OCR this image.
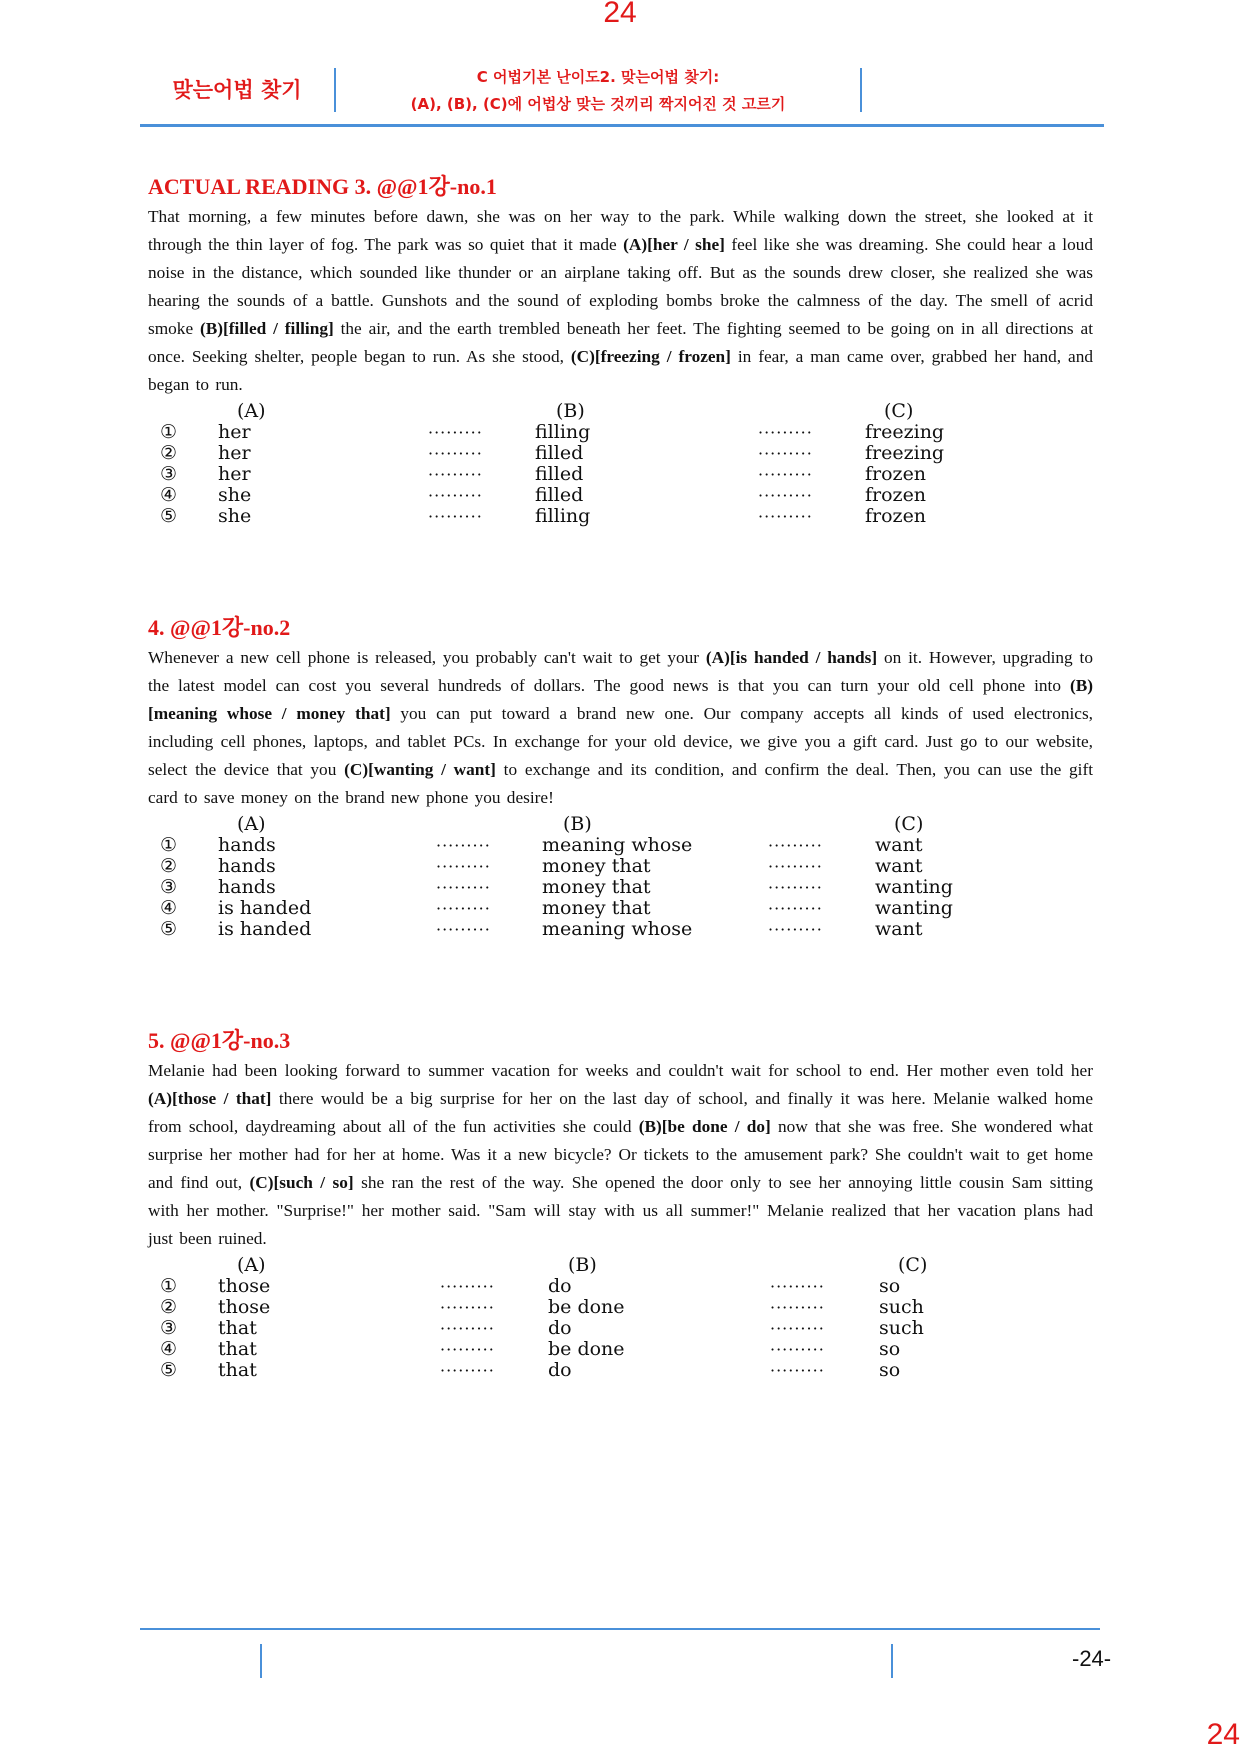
24
맞는어법 찾기
C 어법기본 난이도2. 맞는어법 찾기:
(A), (B), (C)에 어법상 맞는 것끼리 짝지어진 것 고르기
ACTUAL READING 3. @@1강-no.1

That morning, a few minutes before dawn, she was on her way to the park. While walking down the street, she looked at it through the thin layer of fog. The park was so quiet that it made (A)[her / she] feel like she was dreaming. She could hear a loud noise in the distance, which sounded like thunder or an airplane taking off. But as the sounds drew closer, she realized she was hearing the sounds of a battle. Gunshots and the sound of exploding bombs broke the calmness of the day. The smell of acrid smoke (B)[filled / filling] the air, and the earth trembled beneath her feet. The fighting seemed to be going on in all directions at once. Seeking shelter, people began to run. As she stood, (C)[freezing / frozen] in fear, a man came over, grabbed her hand, and began to run.

(A)	(B)	(C)
① her	·········	filling	·········	freezing
② her	·········	filled	·········	freezing
③ her	·········	filled	·········	frozen
④ she	·········	filled	·········	frozen
⑤ she	·········	filling	·········	frozen
4. @@1강-no.2

Whenever a new cell phone is released, you probably can't wait to get your (A)[is handed / hands] on it. However, upgrading to the latest model can cost you several hundreds of dollars. The good news is that you can turn your old cell phone into (B)[meaning whose / money that] you can put toward a brand new one. Our company accepts all kinds of used electronics, including cell phones, laptops, and tablet PCs. In exchange for your old device, we give you a gift card. Just go to our website, select the device that you (C)[wanting / want] to exchange and its condition, and confirm the deal. Then, you can use the gift card to save money on the brand new phone you desire!

(A)	(B)	(C)
① hands	·········	meaning whose	·········	want
② hands	·········	money that	·········	want
③ hands	·········	money that	·········	wanting
④ is handed	·········	money that	·········	wanting
⑤ is handed	·········	meaning whose	·········	want
5. @@1강-no.3

Melanie had been looking forward to summer vacation for weeks and couldn't wait for school to end. Her mother even told her (A)[those / that] there would be a big surprise for her on the last day of school, and finally it was here. Melanie walked home from school, daydreaming about all of the fun activities she could (B)[be done / do] now that she was free. She wondered what surprise her mother had for her at home. Was it a new bicycle? Or tickets to the amusement park? She couldn't wait to get home and find out, (C)[such / so] she ran the rest of the way. She opened the door only to see her annoying little cousin Sam sitting with her mother. "Surprise!" her mother said. "Sam will stay with us all summer!" Melanie realized that her vacation plans had just been ruined.

(A)	(B)	(C)
① those	·········	do	·········	so
② those	·········	be done	·········	such
③ that	·········	do	·········	such
④ that	·········	be done	·········	so
⑤ that	·········	do	·········	so
-24-
24
